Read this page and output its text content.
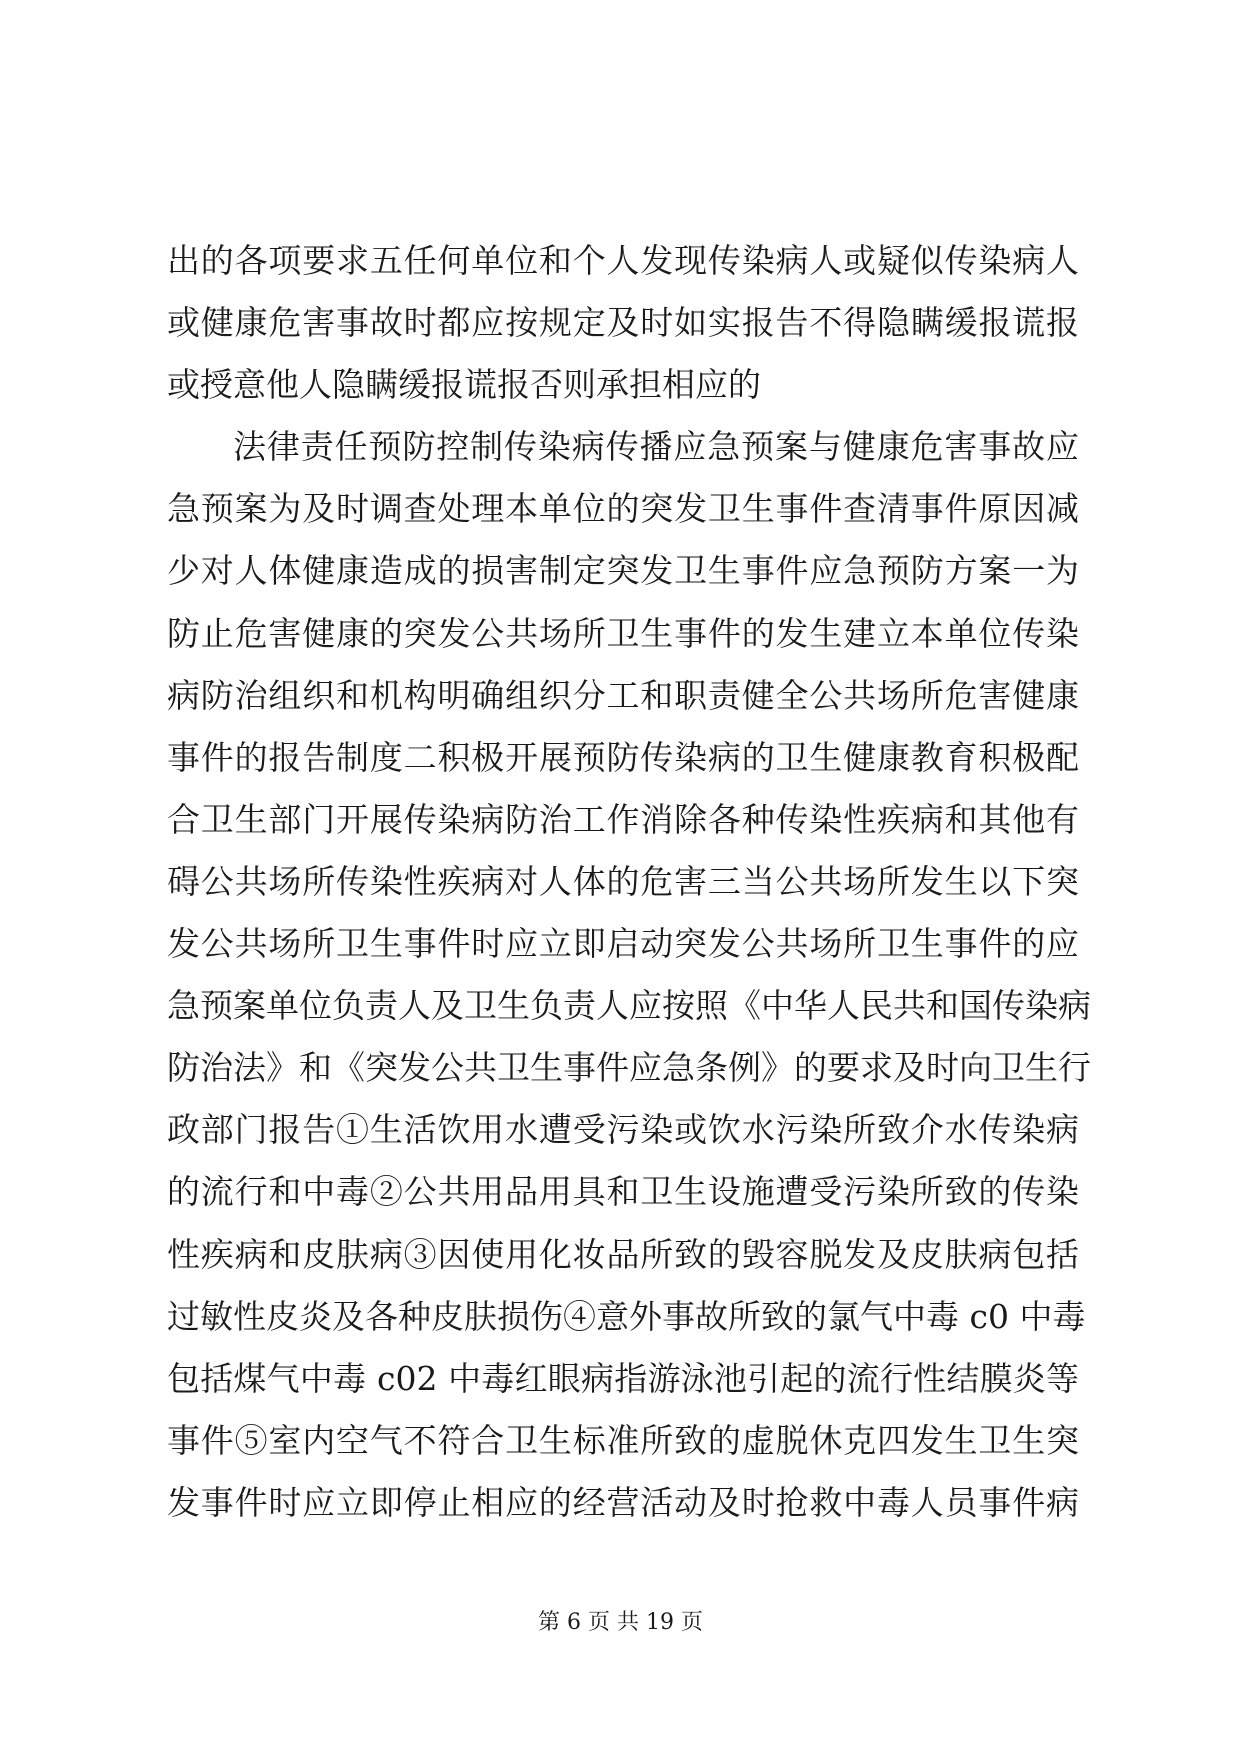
出的各项要求五任何单位和个人发现传染病人或疑似传染病人
或健康危害事故时都应按规定及时如实报告不得隐瞒缓报谎报
或授意他人隐瞒缓报谎报否则承担相应的
法律责任预防控制传染病传播应急预案与健康危害事故应
急预案为及时调查处理本单位的突发卫生事件查清事件原因减
少对人体健康造成的损害制定突发卫生事件应急预防方案一为
防止危害健康的突发公共场所卫生事件的发生建立本单位传染
病防治组织和机构明确组织分工和职责健全公共场所危害健康
事件的报告制度二积极开展预防传染病的卫生健康教育积极配
合卫生部门开展传染病防治工作消除各种传染性疾病和其他有
碍公共场所传染性疾病对人体的危害三当公共场所发生以下突
发公共场所卫生事件时应立即启动突发公共场所卫生事件的应
急预案单位负责人及卫生负责人应按照《中华人民共和国传染病
防治法》和《突发公共卫生事件应急条例》的要求及时向卫生行
政部门报告①生活饮用水遭受污染或饮水污染所致介水传染病
的流行和中毒②公共用品用具和卫生设施遭受污染所致的传染
性疾病和皮肤病③因使用化妆品所致的毁容脱发及皮肤病包括
过敏性皮炎及各种皮肤损伤④意外事故所致的氯气中毒 c0 中毒
包括煤气中毒 c02 中毒红眼病指游泳池引起的流行性结膜炎等
事件⑤室内空气不符合卫生标准所致的虚脱休克四发生卫生突
发事件时应立即停止相应的经营活动及时抢救中毒人员事件病
第 6 页 共 19 页
